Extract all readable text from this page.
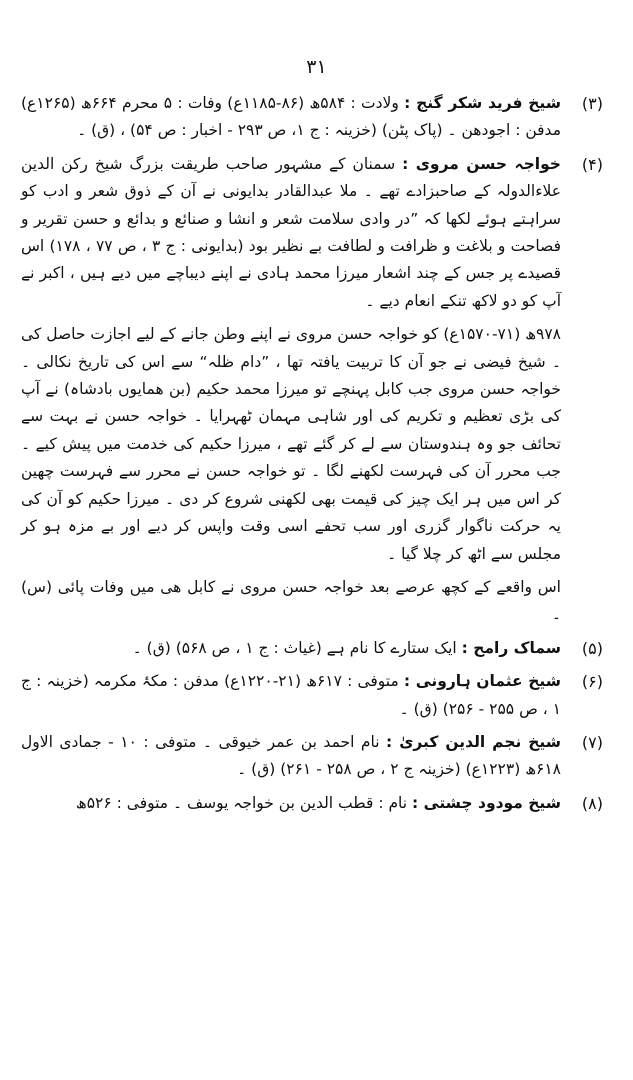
۳۱
(۳)
شیخ فرید شکر گنج : ولادت : ۵۸۴ھ (۸۶-۱۱۸۵ع) وفات : ۵ محرم ۶۶۴ھ (۱۲۶۵ع) مدفن : اجودھن ۔ (پاک پٹن) (خزینہ : ج ۱، ص ۲۹۳ - اخبار : ص ۵۴) ، (ق) ۔
(۴)
خواجہ حسن مروی : سمنان کے مشہور صاحب طریقت بزرگ شیخ رکن الدین علاءالدولہ کے صاحبزادے تھے ۔ ملا عبدالقادر بدایونی نے آن کے ذوق شعر و ادب کو سراہتے ہوئے لکھا کہ ”در وادی سلامت شعر و انشا و صنائع و بدائع و حسن تقریر و فصاحت و بلاغت و ظرافت و لطافت بے نظیر بود (بدایونی : ج ۳ ، ص ۷۷ ، ۱۷۸) اس قصیدے پر جس کے چند اشعار میرزا محمد ہادی نے اپنے دیباچے میں دیے ہیں ، اکبر نے آپ کو دو لاکھ تنکے انعام دیے ۔
۹۷۸ھ (۷۱-۱۵۷۰ع) کو خواجہ حسن مروی نے اپنے وطن جانے کے لیے اجازت حاصل کی ۔ شیخ فیضی نے جو آن کا تربیت یافتہ تھا ، ”دام ظلہ“ سے اس کی تاریخ نکالی ۔ خواجہ حسن مروی جب کابل پہنچے تو میرزا محمد حکیم (بن ھمایوں بادشاہ) نے آپ کی بڑی تعظیم و تکریم کی اور شاہی مہمان ٹھہرایا ۔ خواجہ حسن نے بہت سے تحائف جو وہ ہندوستان سے لے کر گئے تھے ، میرزا حکیم کی خدمت میں پیش کیے ۔ جب محرر آن کی فہرست لکھنے لگا ۔ تو خواجہ حسن نے محرر سے فہرست چھین کر اس میں ہر ایک چیز کی قیمت بھی لکھنی شروع کر دی ۔ میرزا حکیم کو آن کی یہ حرکت ناگوار گزری اور سب تحفے اسی وقت واپس کر دیے اور بے مزہ ہو کر مجلس سے اٹھ کر چلا گیا ۔
اس واقعے کے کچھ عرصے بعد خواجہ حسن مروی نے کابل ھی میں وفات پائی (س) ۔
(۵)
سماک رامح : ایک ستارے کا نام ہے (غیاث : ج ۱ ، ص ۵۶۸) (ق) ۔
(۶)
شیخ عثمان ہارونی : متوفی : ۶۱۷ھ (۲۱-۱۲۲۰ع) مدفن : مکۂ مکرمہ (خزینہ : ج ۱ ، ص ۲۵۵ - ۲۵۶) (ق) ۔
(۷)
شیخ نجم الدین کبریٰ : نام احمد بن عمر خیوقی ۔ متوفی : ۱۰ - جمادی الاول ۶۱۸ھ (۱۲۲۳ع) (خزینہ ج ۲ ، ص ۲۵۸ - ۲۶۱) (ق) ۔
(۸)
شیخ مودود چشتی : نام : قطب الدین بن خواجہ یوسف ۔ متوفی : ۵۲۶ھ
